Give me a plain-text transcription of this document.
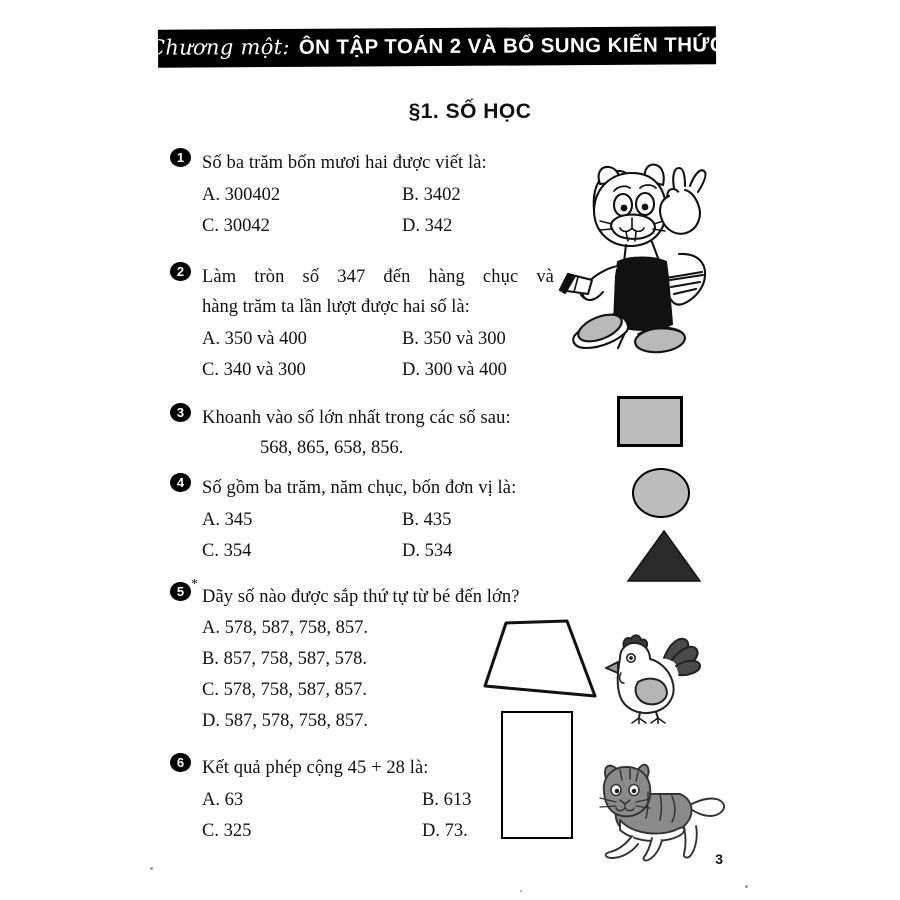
Chương một: ÔN TẬP TOÁN 2 VÀ BỔ SUNG KIẾN THỨC
§1. SỐ HỌC
1 Số ba trăm bốn mươi hai được viết là:
A. 300402	B. 3402
C. 30042	D. 342
2 Làm tròn số 347 đến hàng chục và
hàng trăm ta lần lượt được hai số là:
A. 350 và 400	B. 350 và 300
C. 340 và 300	D. 300 và 400
3 Khoanh vào số lớn nhất trong các số sau:
568, 865, 658, 856.
4 Số gồm ba trăm, năm chục, bốn đơn vị là:
A. 345	B. 435
C. 354	D. 534
5 *
Dãy số nào được sắp thứ tự từ bé đến lớn?
A. 578, 587, 758, 857.
B. 857, 758, 587, 578.
C. 578, 758, 587, 857.
D. 587, 578, 758, 857.
6 Kết quả phép cộng 45 + 28 là:
A. 63	B. 613
C. 325	D. 73.
3
